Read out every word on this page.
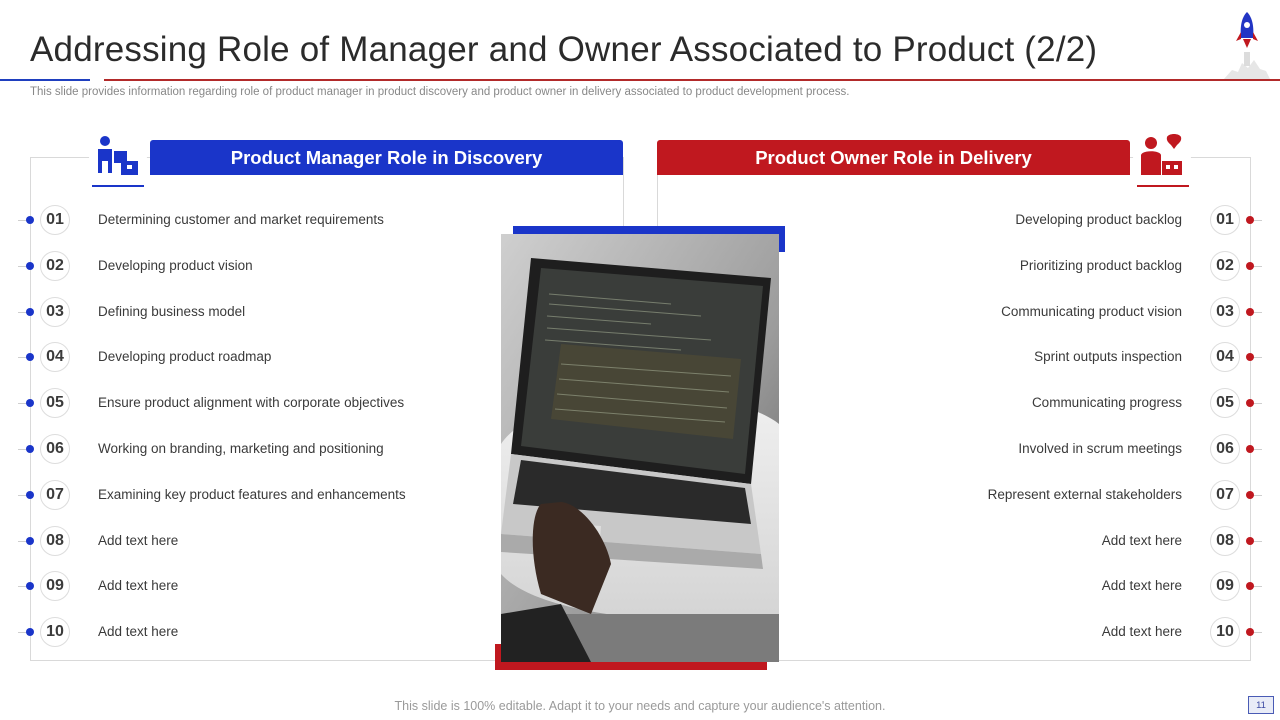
Addressing Role of Manager and Owner Associated to Product (2/2)
This slide provides information regarding role of product manager in product discovery and product owner in delivery associated to product development process.
Product Manager Role in Discovery	Product Owner Role in Delivery
01	Determining customer and market requirements
02	Developing product vision
03	Defining business model
04	Developing product roadmap
05	Ensure product alignment with corporate objectives
06	Working on branding, marketing and positioning
07	Examining key product features and enhancements
08	Add text here
09	Add text here
10	Add text here
01
Developing product backlog
02
Prioritizing product backlog
03
Communicating product vision
04
Sprint outputs inspection
05
Communicating progress
06
Involved in scrum meetings
07
Represent external stakeholders
08
Add text here
09
Add text here
10
Add text here
This slide is 100% editable. Adapt it to your needs and capture your audience's attention.	11
